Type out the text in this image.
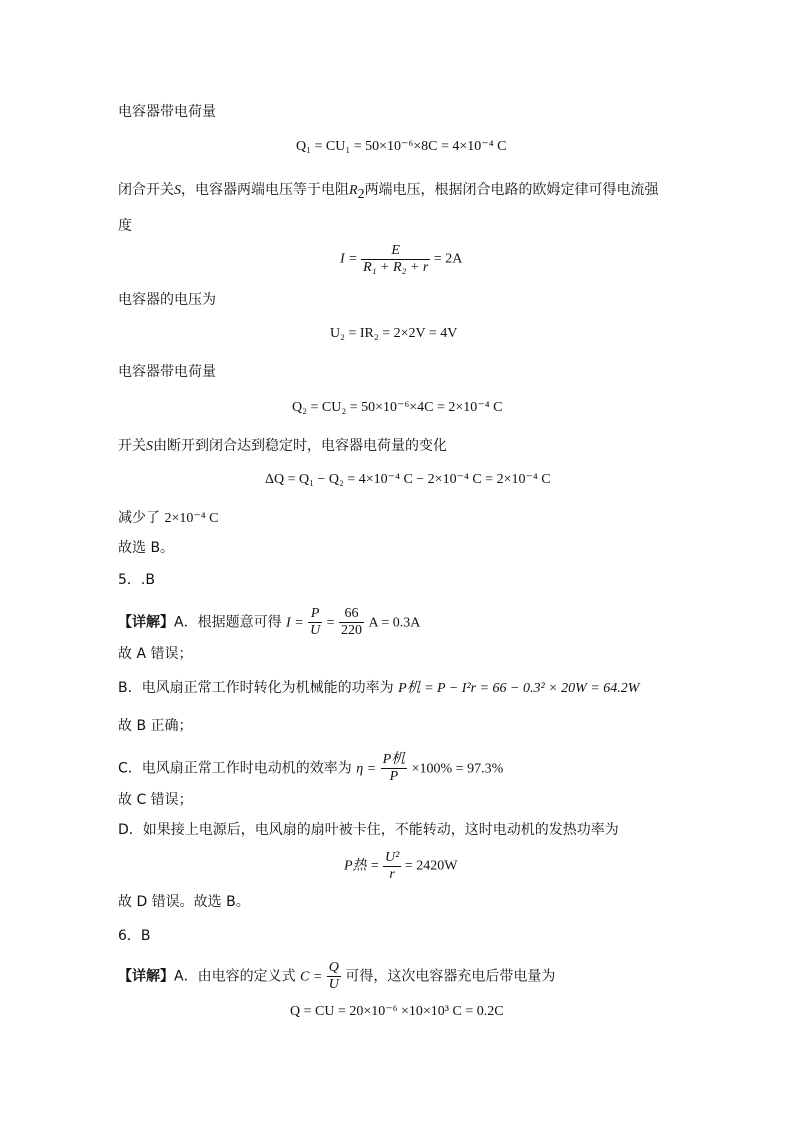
电容器带电荷量
Q₁ = CU₁ = 50×10⁻⁶×8C = 4×10⁻⁴ C
闭合开关S，电容器两端电压等于电阻$R_2$两端电压，根据闭合电路的欧姆定律可得电流强
度
$I = \frac{E}{\text{R₁ + R₂ + r}} = 2A$
电容器的电压为
U₂ = IR₂ = 2×2V = 4V
电容器带电荷量
Q₂ = CU₂ = 50×10⁻⁶×4C = 2×10⁻⁴ C
开关S由断开到闭合达到稳定时，电容器电荷量的变化
ΔQ = Q₁ − Q₂ = 4×10⁻⁴ C − 2×10⁻⁴ C = 2×10⁻⁴ C
减少了 2×10⁻⁴ C
故选 B。
5．.B
【详解】A．根据题意可得 $I = \frac{P}{U} = \frac{66}{220}$ A = 0.3A
故 A 错误；
B．电风扇正常工作时转化为机械能的功率为 P机 = P − I²r = 66 − 0.3² × 20W = 64.2W
故 B 正确；
C．电风扇正常工作时电动机的效率为 $\eta = \frac{\text{P机}}{P} \times 100\% = 97.3\%$
故 C 错误；
D．如果接上电源后，电风扇的扇叶被卡住，不能转动，这时电动机的发热功率为
P热 = $\frac{\text{U²}}{r} = 2420W$
故 D 错误。故选 B。
6．B
【详解】A．由电容的定义式 $C = \frac{Q}{U}$ 可得，这次电容器充电后带电量为
Q = CU = 20×10⁻⁶ ×10×10³ C = 0.2C
